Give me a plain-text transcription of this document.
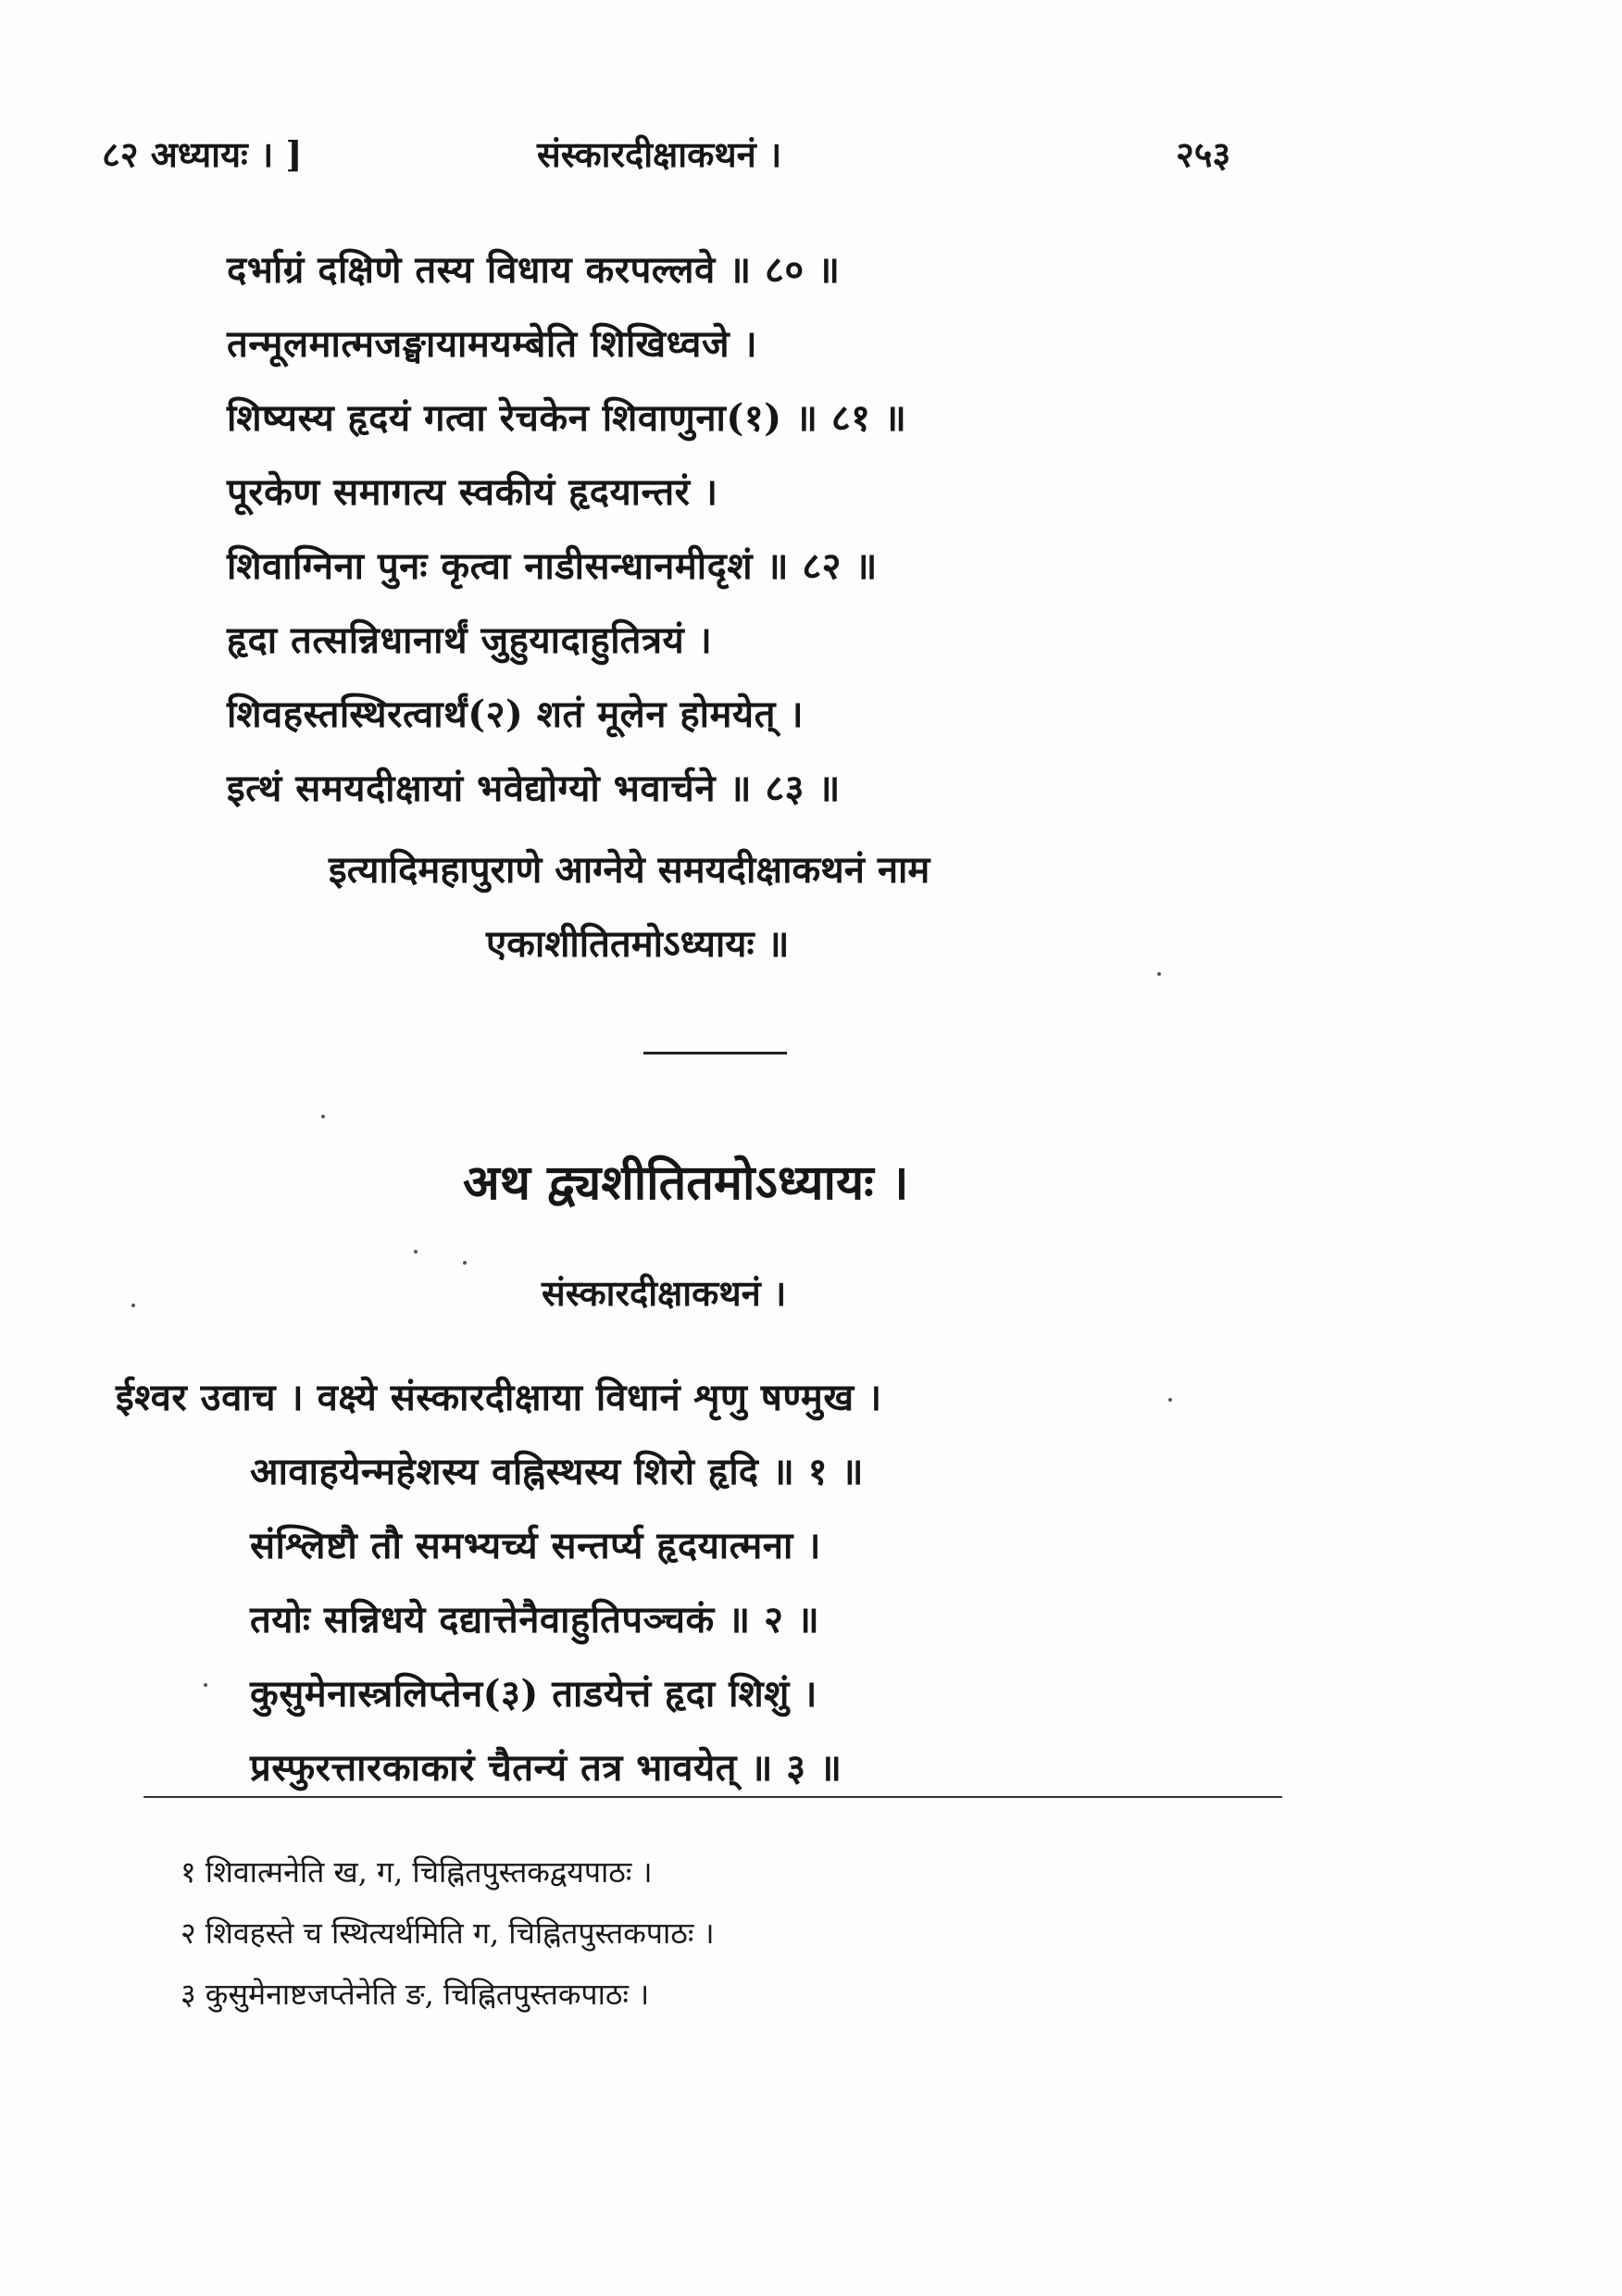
८२ अध्यायः । ]	संस्कारदीक्षाकथनं ।	२५३
दर्भाग्रं दक्षिणे तस्य विधाय करपल्लवे ॥ ८० ॥
तन्मूलमात्मजङ्घायामयम्बेति शिखिध्वजे ।
शिष्यस्य हृदयं गत्वा रेचकेन शिवाणुना(१) ॥ ८१ ॥
पूरकेण समागत्य स्वकीयं हृदयान्तरं ।
शिवाग्निना पुनः कृत्वा नाडीसन्धानमीदृशं ॥ ८२ ॥
हृदा तत्सन्निधानार्थं जुहुयादाहुतित्रयं ।
शिवहस्तस्थिरत्वार्थं(२) शतं मूलेन होमयेत् ।
इत्थं समयदीक्षायां भवेद्योग्यो भवार्चने ॥ ८३ ॥
इत्यादिमहापुराणे आग्नेये समयदीक्षाकथनं नाम
एकाशीतितमोऽध्यायः ॥
अथ द्व्यशीतितमोऽध्यायः ।
संस्कारदीक्षाकथनं ।
ईश्वर उवाच । वक्ष्ये संस्कारदीक्षाया विधानं शृणु षण्मुख ।
आवाहयेन्महेशस्य वह्निस्थस्य शिरो हृदि ॥ १ ॥
संश्लिष्टौ तौ समभ्यर्च्य सन्तर्प्य हृदयात्मना ।
तयोः सन्निधये दद्यात्तेनैवाहुतिपञ्चकं ॥ २ ॥
कुसुमेनास्त्रलिप्तेन(३) ताडयेत्तं हृदा शिशुं ।
प्रस्फुरत्तारकाकारं चैतन्यं तत्र भावयेत् ॥ ३ ॥
१ शिवात्मनेति ख, ग, चिह्नितपुस्तकद्वयपाठः ।
२ शिवहस्ते च स्थित्यर्थमिति ग, चिह्नितपुस्तकपाठः ।
३ कुसुमेनाष्टजप्तेनेति ङ, चिह्नितपुस्तकपाठः ।
